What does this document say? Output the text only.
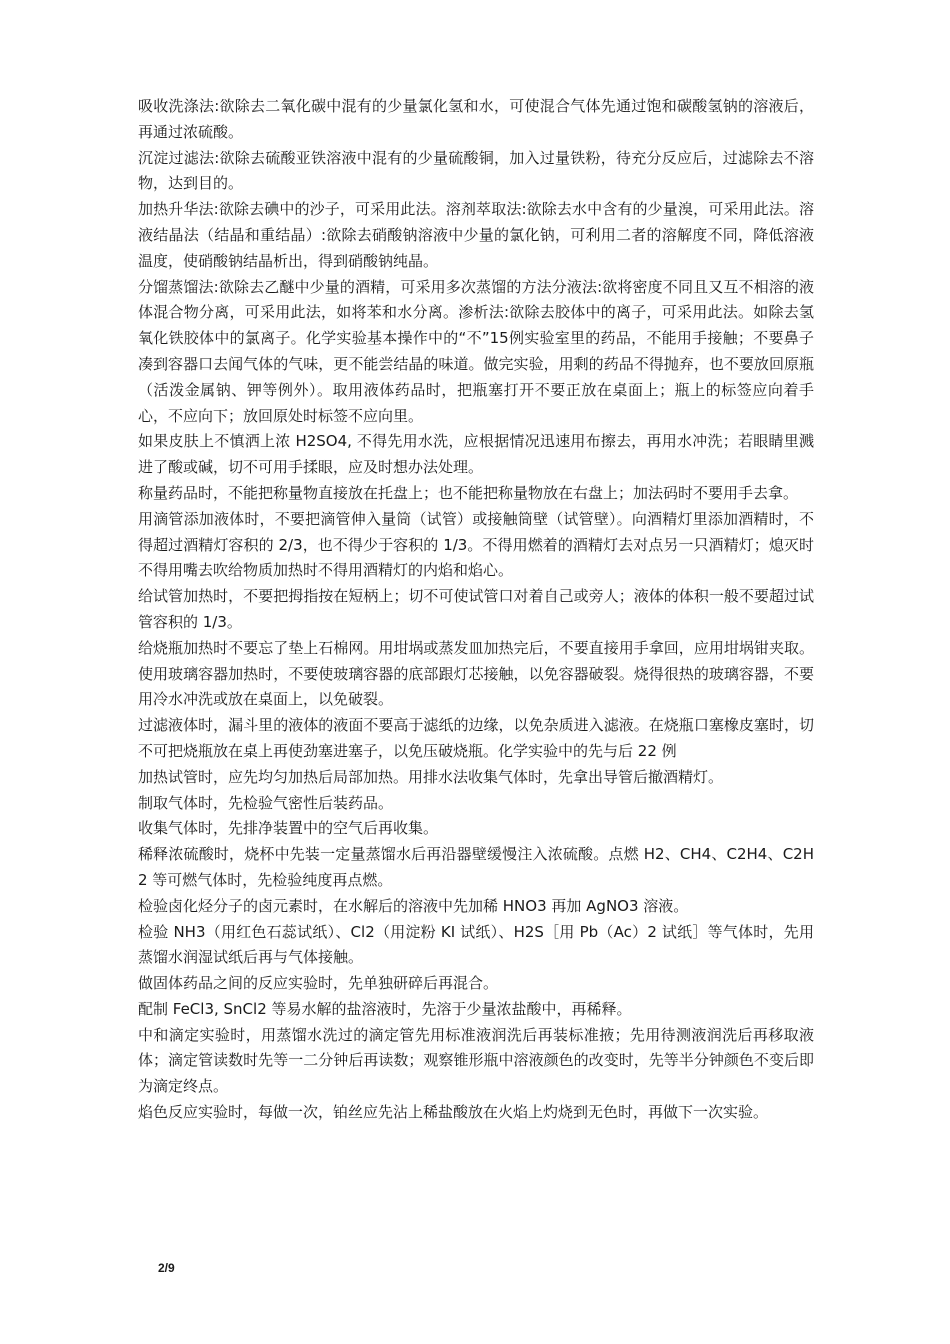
吸收洗涤法:欲除去二氧化碳中混有的少量氯化氢和水，可使混合气体先通过饱和碳酸氢钠的溶液后，再通过浓硫酸。

沉淀过滤法:欲除去硫酸亚铁溶液中混有的少量硫酸铜，加入过量铁粉，待充分反应后，过滤除去不溶物，达到目的。

加热升华法:欲除去碘中的沙子，可采用此法。溶剂萃取法:欲除去水中含有的少量溴，可采用此法。溶液结晶法（结晶和重结晶）:欲除去硝酸钠溶液中少量的氯化钠，可利用二者的溶解度不同，降低溶液温度，使硝酸钠结晶析出，得到硝酸钠纯晶。

分馏蒸馏法:欲除去乙醚中少量的酒精，可采用多次蒸馏的方法分液法:欲将密度不同且又互不相溶的液体混合物分离，可采用此法，如将苯和水分离。渗析法:欲除去胶体中的离子，可采用此法。如除去氢氧化铁胶体中的氯离子。化学实验基本操作中的“不”15例实验室里的药品，不能用手接触；不要鼻子凑到容器口去闻气体的气味，更不能尝结晶的味道。做完实验，用剩的药品不得抛弃，也不要放回原瓶（活泼金属钠、钾等例外）。取用液体药品时，把瓶塞打开不要正放在桌面上；瓶上的标签应向着手心，不应向下；放回原处时标签不应向里。

如果皮肤上不慎洒上浓 H2SO4, 不得先用水洗，应根据情况迅速用布擦去，再用水冲洗；若眼睛里溅进了酸或碱，切不可用手揉眼，应及时想办法处理。

称量药品时，不能把称量物直接放在托盘上；也不能把称量物放在右盘上；加法码时不要用手去拿。

用滴管添加液体时，不要把滴管伸入量筒（试管）或接触筒壁（试管壁）。向酒精灯里添加酒精时，不得超过酒精灯容积的 2/3，也不得少于容积的 1/3。不得用燃着的酒精灯去对点另一只酒精灯；熄灭时不得用嘴去吹给物质加热时不得用酒精灯的内焰和焰心。

给试管加热时，不要把拇指按在短柄上；切不可使试管口对着自己或旁人；液体的体积一般不要超过试管容积的 1/3。

给烧瓶加热时不要忘了垫上石棉网。用坩埚或蒸发皿加热完后，不要直接用手拿回，应用坩埚钳夹取。使用玻璃容器加热时，不要使玻璃容器的底部跟灯芯接触，以免容器破裂。烧得很热的玻璃容器，不要用冷水冲洗或放在桌面上，以免破裂。

过滤液体时，漏斗里的液体的液面不要高于滤纸的边缘，以免杂质进入滤液。在烧瓶口塞橡皮塞时，切不可把烧瓶放在桌上再使劲塞进塞子，以免压破烧瓶。化学实验中的先与后 22 例

加热试管时，应先均匀加热后局部加热。用排水法收集气体时，先拿出导管后撤酒精灯。

制取气体时，先检验气密性后装药品。

收集气体时，先排净装置中的空气后再收集。

稀释浓硫酸时，烧杯中先装一定量蒸馏水后再沿器壁缓慢注入浓硫酸。点燃 H2、CH4、C2H4、C2H2 等可燃气体时，先检验纯度再点燃。

检验卤化烃分子的卤元素时，在水解后的溶液中先加稀 HNO3 再加 AgNO3 溶液。

检验 NH3（用红色石蕊试纸）、Cl2（用淀粉 KI 试纸）、H2S［用 Pb（Ac）2 试纸］等气体时，先用蒸馏水润湿试纸后再与气体接触。

做固体药品之间的反应实验时，先单独研碎后再混合。

配制 FeCl3, SnCl2 等易水解的盐溶液时，先溶于少量浓盐酸中，再稀释。

中和滴定实验时，用蒸馏水洗过的滴定管先用标准液润洗后再装标准掖；先用待测液润洗后再移取液体；滴定管读数时先等一二分钟后再读数；观察锥形瓶中溶液颜色的改变时，先等半分钟颜色不变后即为滴定终点。

焰色反应实验时，每做一次，铂丝应先沾上稀盐酸放在火焰上灼烧到无色时，再做下一次实验。

2/9
